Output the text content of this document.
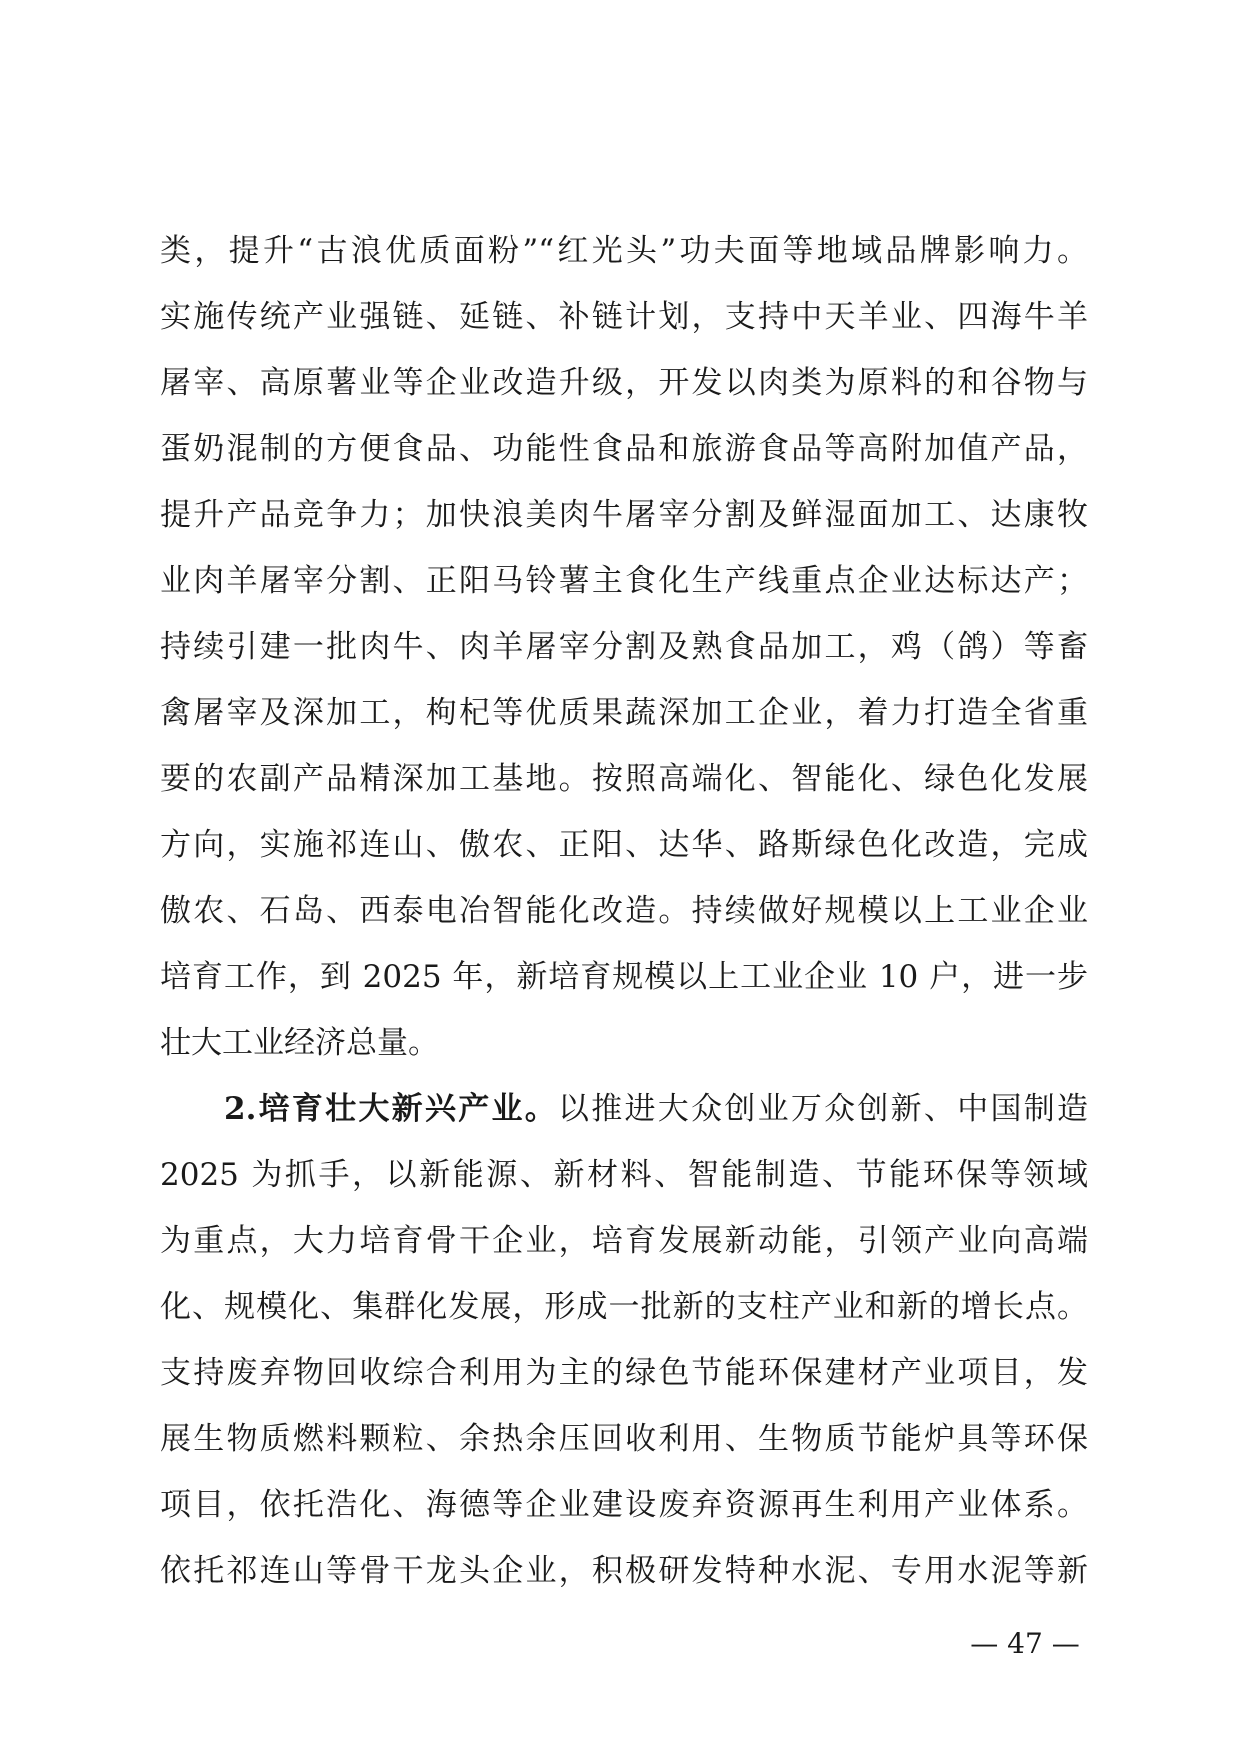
类，提升“古浪优质面粉”“红光头”功夫面等地域品牌影响力。
实施传统产业强链、延链、补链计划，支持中天羊业、四海牛羊
屠宰、高原薯业等企业改造升级，开发以肉类为原料的和谷物与
蛋奶混制的方便食品、功能性食品和旅游食品等高附加值产品，
提升产品竞争力；加快浪美肉牛屠宰分割及鲜湿面加工、达康牧
业肉羊屠宰分割、正阳马铃薯主食化生产线重点企业达标达产；
持续引建一批肉牛、肉羊屠宰分割及熟食品加工，鸡（鸽）等畜
禽屠宰及深加工，枸杞等优质果蔬深加工企业，着力打造全省重
要的农副产品精深加工基地。按照高端化、智能化、绿色化发展
方向，实施祁连山、傲农、正阳、达华、路斯绿色化改造，完成
傲农、石岛、西泰电冶智能化改造。持续做好规模以上工业企业
培育工作，到 2025 年，新培育规模以上工业企业 10 户，进一步
壮大工业经济总量。
2.培育壮大新兴产业。以推进大众创业万众创新、中国制造
2025 为抓手，以新能源、新材料、智能制造、节能环保等领域
为重点，大力培育骨干企业，培育发展新动能，引领产业向高端
化、规模化、集群化发展，形成一批新的支柱产业和新的增长点。
支持废弃物回收综合利用为主的绿色节能环保建材产业项目，发
展生物质燃料颗粒、余热余压回收利用、生物质节能炉具等环保
项目，依托浩化、海德等企业建设废弃资源再生利用产业体系。
依托祁连山等骨干龙头企业，积极研发特种水泥、专用水泥等新
— 47 —
